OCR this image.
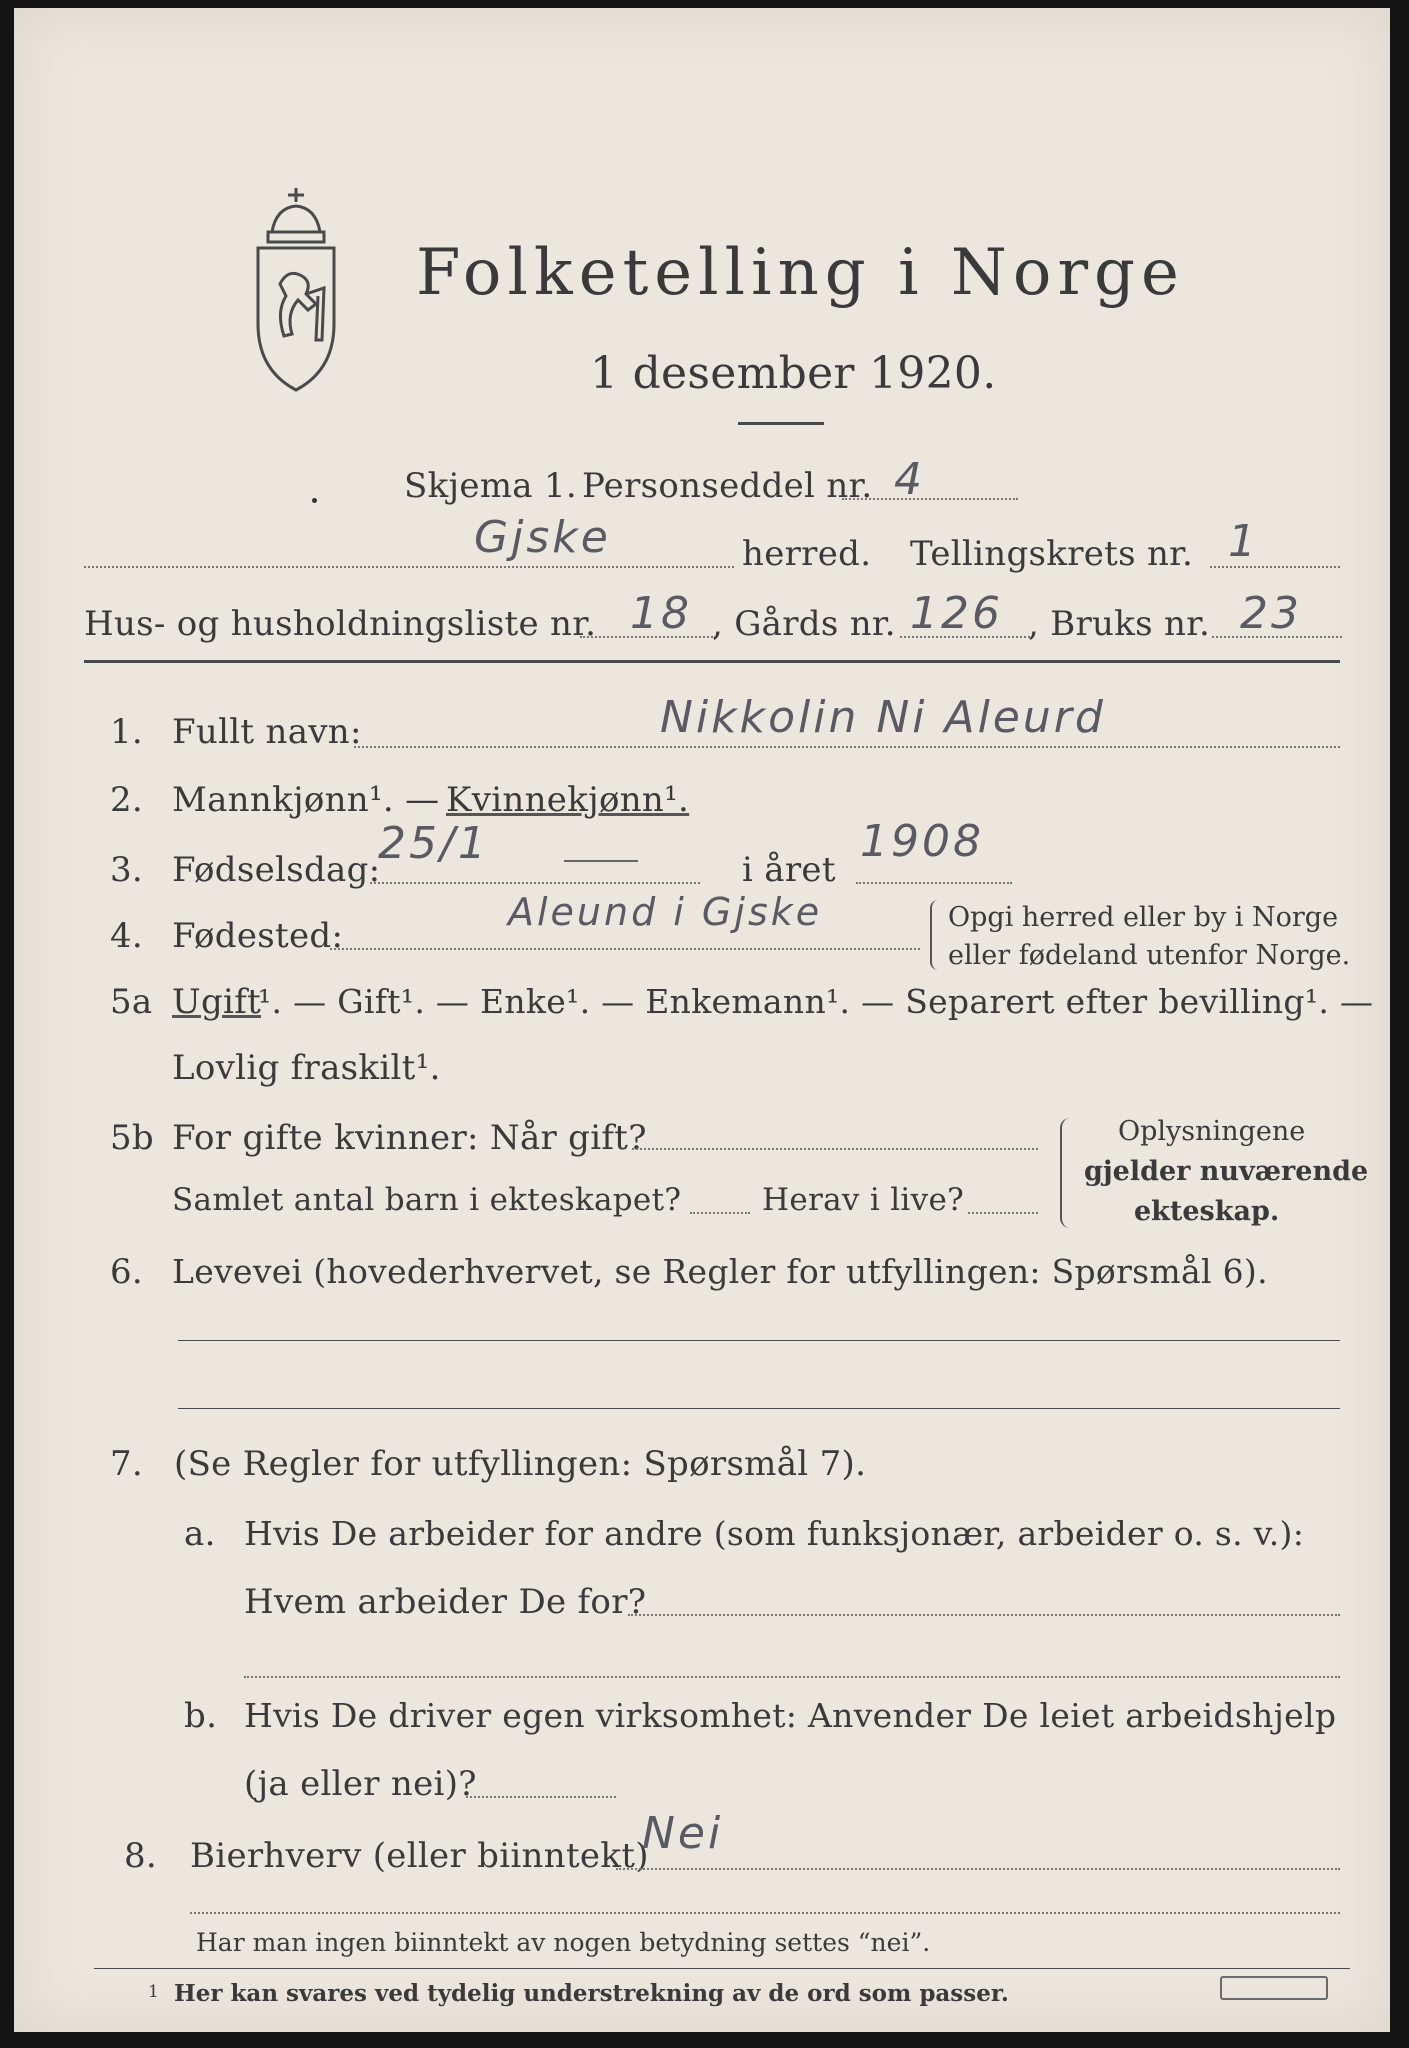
Folketelling i Norge
1 desember 1920.
Skjema 1. Personseddel nr. 4
Gjske	herred. Tellingskrets nr. 1
Hus- og husholdningsliste nr. 18 , Gårds nr. 126 , Bruks nr. 23
1. Fullt navn:	Nikkolin Ni Aleurd
2. Mannkjønn¹. — Kvinnekjønn¹.
3. Fødselsdag:
25/1
i året
1908
4. Fødested:
Aleund i Gjske	Opgi herred eller by i Norge
eller fødeland utenfor Norge.
5a Ugift
¹. — Gift¹. — Enke¹. — Enkemann¹. — Separert efter bevilling¹. —
Lovlig fraskilt¹.
5b For gifte kvinner: Når gift?
Samlet antal barn i ekteskapet?	Herav i live?
Oplysningene
gjelder nuværende
ekteskap.
6. Levevei (hovederhvervet, se Regler for utfyllingen: Spørsmål 6).
7. (Se Regler for utfyllingen: Spørsmål 7).
a. Hvis De arbeider for andre (som funksjonær, arbeider o. s. v.):
Hvem arbeider De for?
b. Hvis De driver egen virksomhet: Anvender De leiet arbeidshjelp
(ja eller nei)?
8. Bierhverv (eller biinntekt)
Nei
Har man ingen biinntekt av nogen betydning settes “nei”.
1 Her kan svares ved tydelig understrekning av de ord som passer.
